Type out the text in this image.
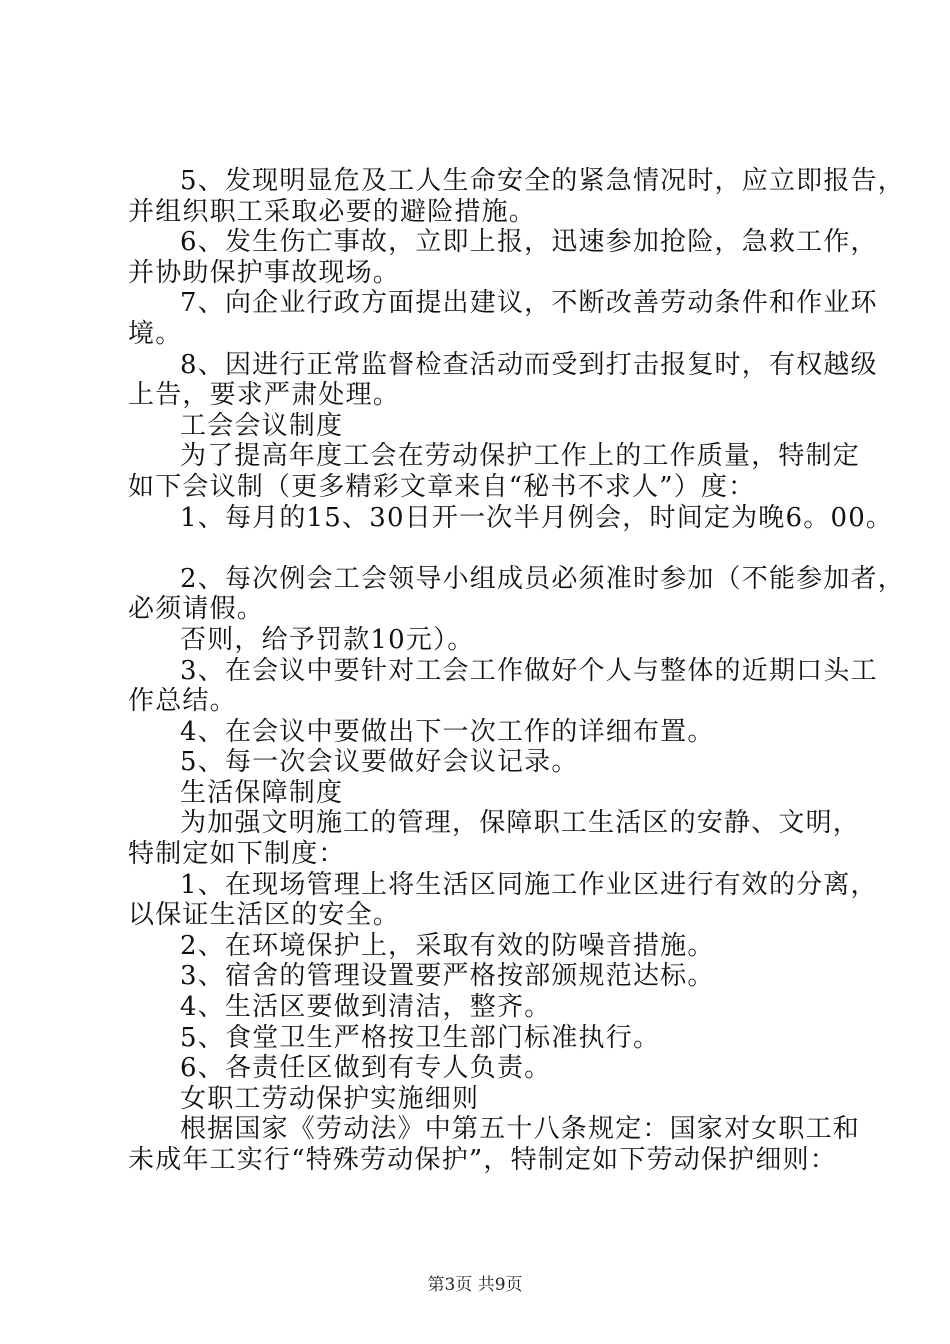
5、发现明显危及工人生命安全的紧急情况时，应立即报告，

并组织职工采取必要的避险措施。

6、发生伤亡事故，立即上报，迅速参加抢险，急救工作，

并协助保护事故现场。

7、向企业行政方面提出建议，不断改善劳动条件和作业环

境。

8、因进行正常监督检查活动而受到打击报复时，有权越级

上告，要求严肃处理。

工会会议制度

为了提高年度工会在劳动保护工作上的工作质量，特制定

如下会议制（更多精彩文章来自“秘书不求人”）度：

1、每月的15、30日开一次半月例会，时间定为晚6。00。

2、每次例会工会领导小组成员必须准时参加（不能参加者，

必须请假。

否则，给予罚款10元）。

3、在会议中要针对工会工作做好个人与整体的近期口头工

作总结。

4、在会议中要做出下一次工作的详细布置。

5、每一次会议要做好会议记录。

生活保障制度

为加强文明施工的管理，保障职工生活区的安静、文明，

特制定如下制度：

1、在现场管理上将生活区同施工作业区进行有效的分离，

以保证生活区的安全。

2、在环境保护上，采取有效的防噪音措施。

3、宿舍的管理设置要严格按部颁规范达标。

4、生活区要做到清洁，整齐。

5、食堂卫生严格按卫生部门标准执行。

6、各责任区做到有专人负责。

女职工劳动保护实施细则

根据国家《劳动法》中第五十八条规定：国家对女职工和

未成年工实行“特殊劳动保护”，特制定如下劳动保护细则：

第3页 共9页
